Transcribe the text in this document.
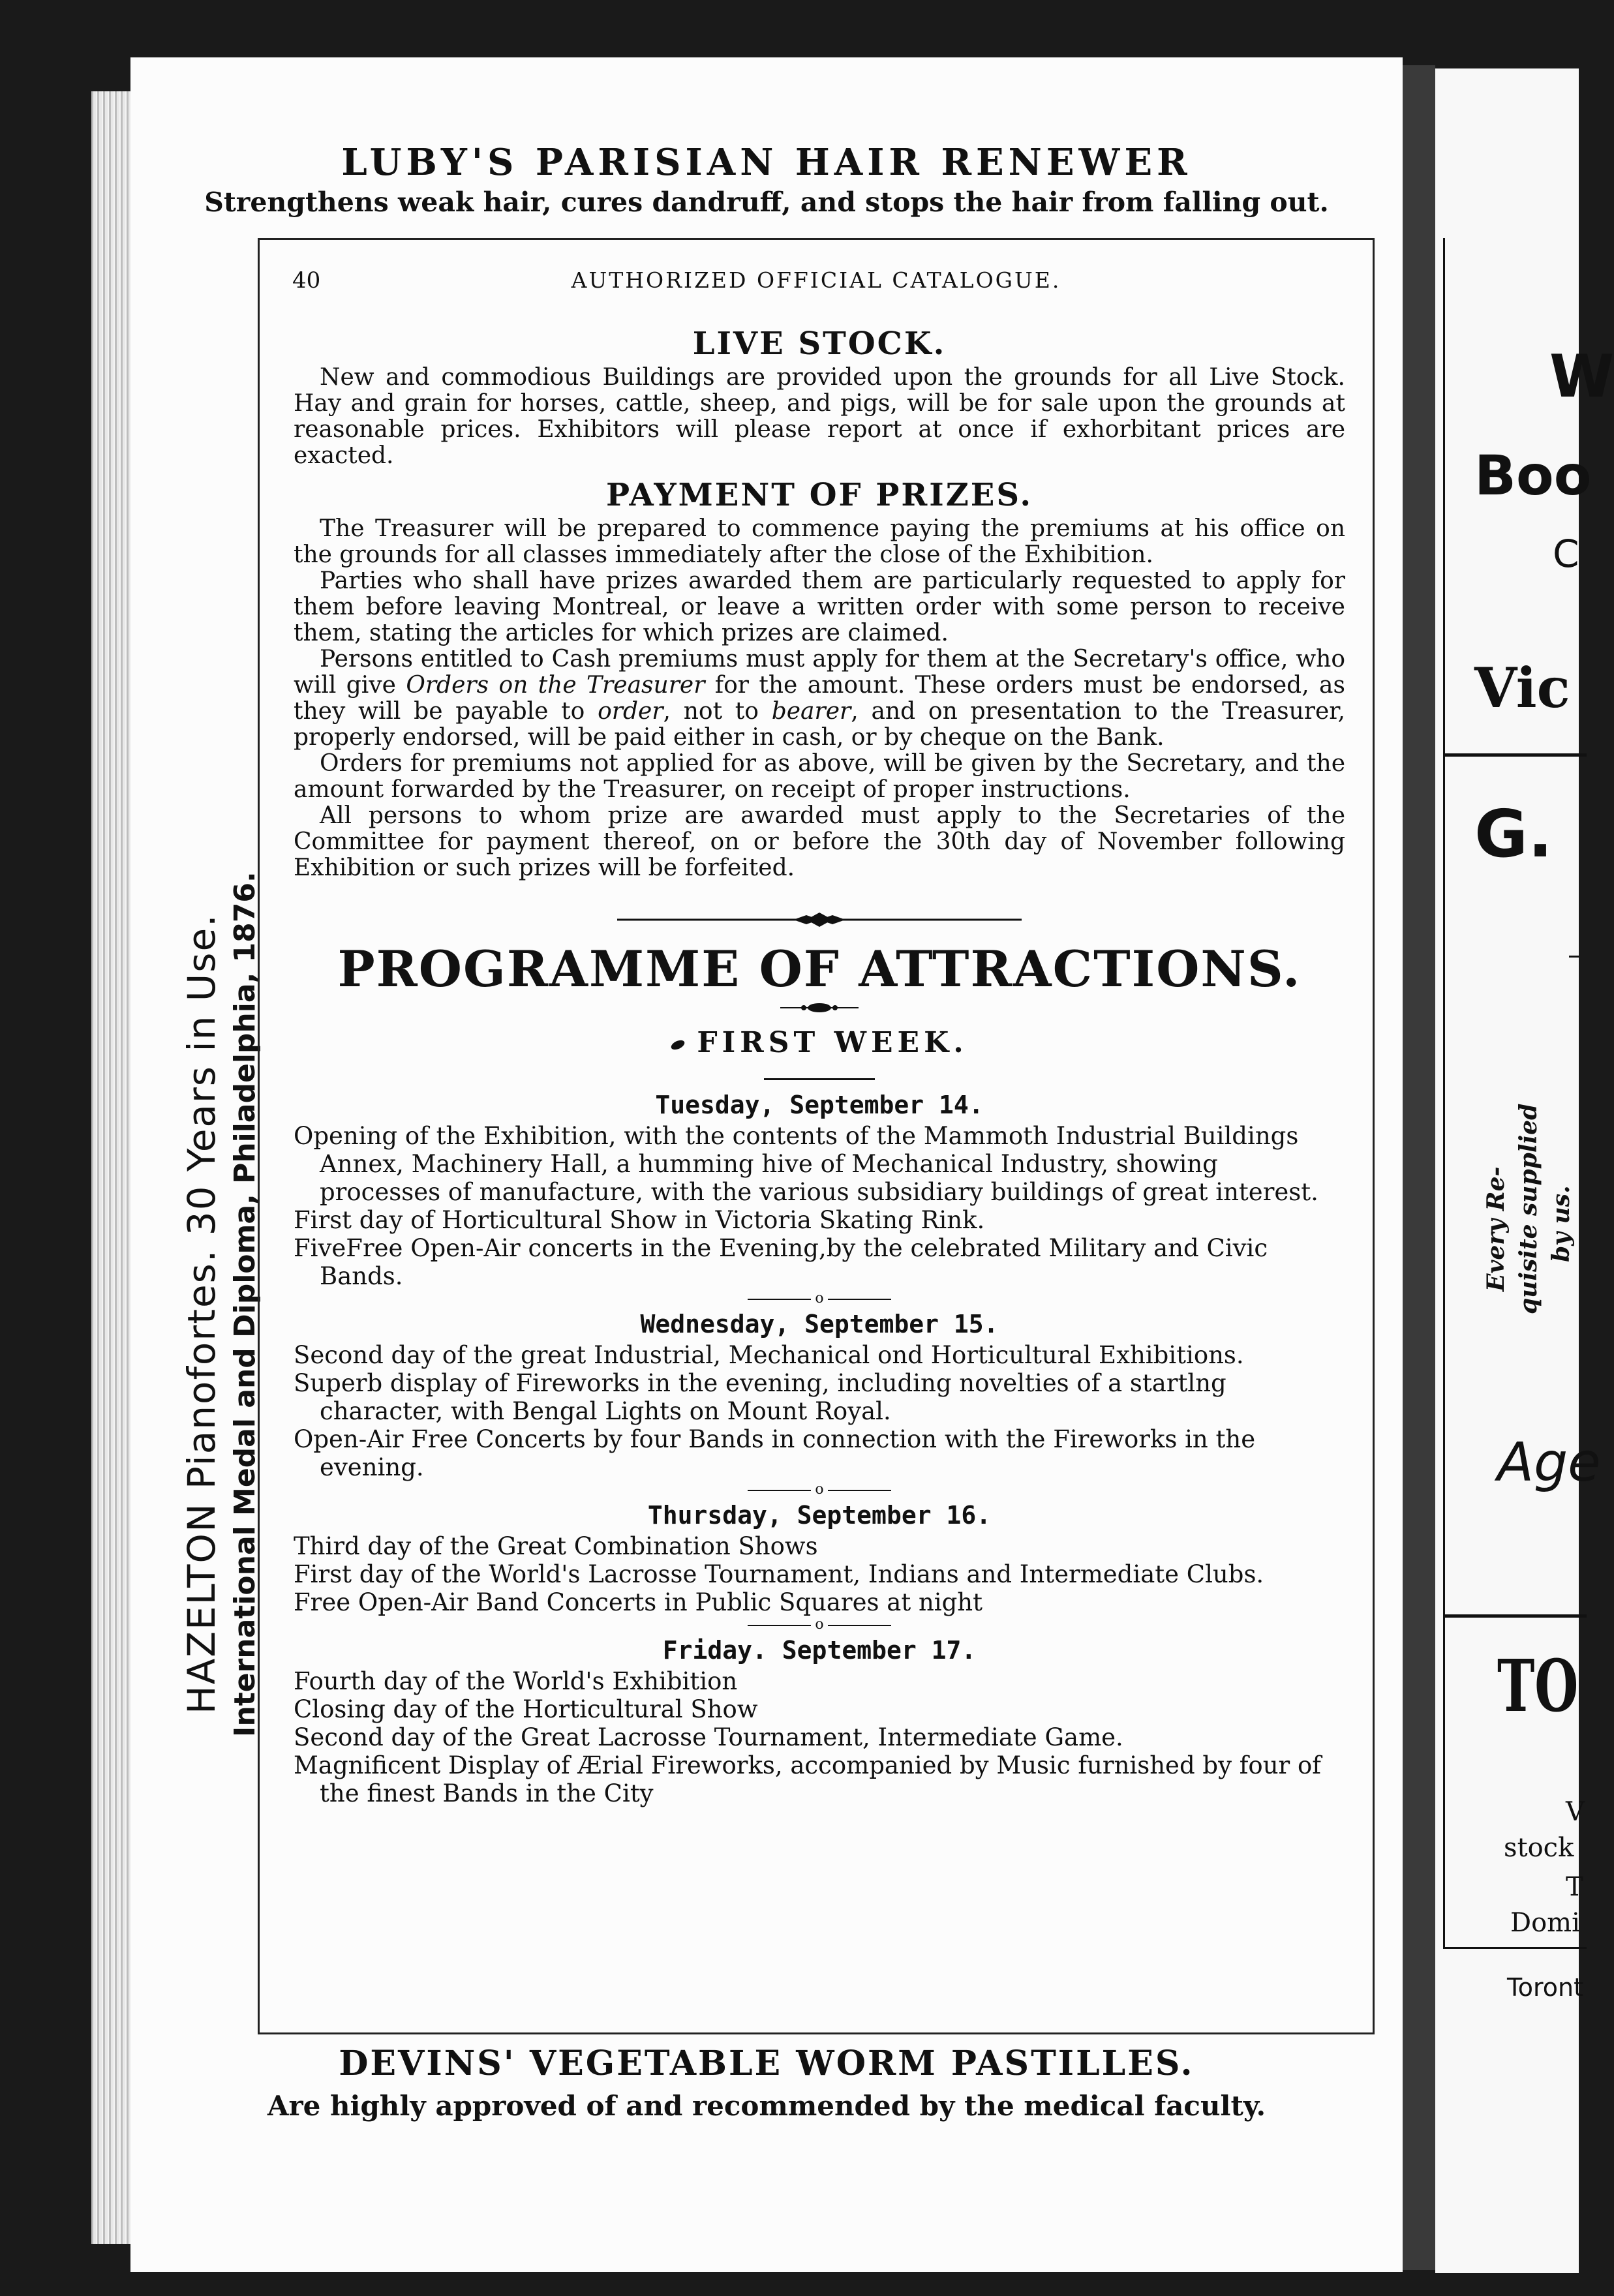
LUBY'S PARISIAN HAIR RENEWER
Strengthens weak hair, cures dandruff, and stops the hair from falling out.
HAZELTON Pianofortes. 30 Years in Use. International Medal and Diploma, Philadelphia, 1876.
AUTHORIZED OFFICIAL CATALOGUE.
40
LIVE STOCK.

New and commodious Buildings are provided upon the grounds for all Live Stock. Hay and grain for horses, cattle, sheep, and pigs, will be for sale upon the grounds at reasonable prices. Exhibitors will please report at once if exhorbitant prices are exacted.

PAYMENT OF PRIZES.

The Treasurer will be prepared to commence paying the premiums at his office on the grounds for all classes immediately after the close of the Exhibition.

Parties who shall have prizes awarded them are particularly requested to apply for them before leaving Montreal, or leave a written order with some person to receive them, stating the articles for which prizes are claimed.

Persons entitled to Cash premiums must apply for them at the Secretary's office, who will give Orders on the Treasurer for the amount. These orders must be endorsed, as they will be payable to order, not to bearer, and on presentation to the Treasurer, properly endorsed, will be paid either in cash, or by cheque on the Bank.

Orders for premiums not applied for as above, will be given by the Secretary, and the amount forwarded by the Treasurer, on receipt of proper instructions.

All persons to whom prize are awarded must apply to the Secretaries of the Committee for payment thereof, on or before the 30th day of November following Exhibition or such prizes will be forfeited.

PROGRAMME OF ATTRACTIONS.
FIRST WEEK.
Tuesday, September 14.

Opening of the Exhibition, with the contents of the Mammoth Industrial Buildings Annex, Machinery Hall, a humming hive of Mechanical Industry, showing processes of manufacture, with the various subsidiary buildings of great interest.

First day of Horticultural Show in Victoria Skating Rink.

FiveFree Open-Air concerts in the Evening,by the celebrated Military and Civic Bands.

o
Wednesday, September 15.

Second day of the great Industrial, Mechanical ond Horticultural Exhibitions.

Superb display of Fireworks in the evening, including novelties of a startlng character, with Bengal Lights on Mount Royal.

Open-Air Free Concerts by four Bands in connection with the Fireworks in the evening.

o
Thursday, September 16.

Third day of the Great Combination Shows

First day of the World's Lacrosse Tournament, Indians and Intermediate Clubs.

Free Open-Air Band Concerts in Public Squares at night

o
Friday. September 17.

Fourth day of the World's Exhibition

Closing day of the Horticultural Show

Second day of the Great Lacrosse Tournament, Intermediate Game.

Magnificent Display of Ærial Fireworks, accompanied by Music furnished by four of the finest Bands in the City

DEVINS' VEGETABLE WORM PASTILLES.
Are highly approved of and recommended by the medical faculty.
W
Boo
C
Vic
G.
Every Re- quisite supplied by us.
Age
TO
V
stock
T
Domi
Toront
